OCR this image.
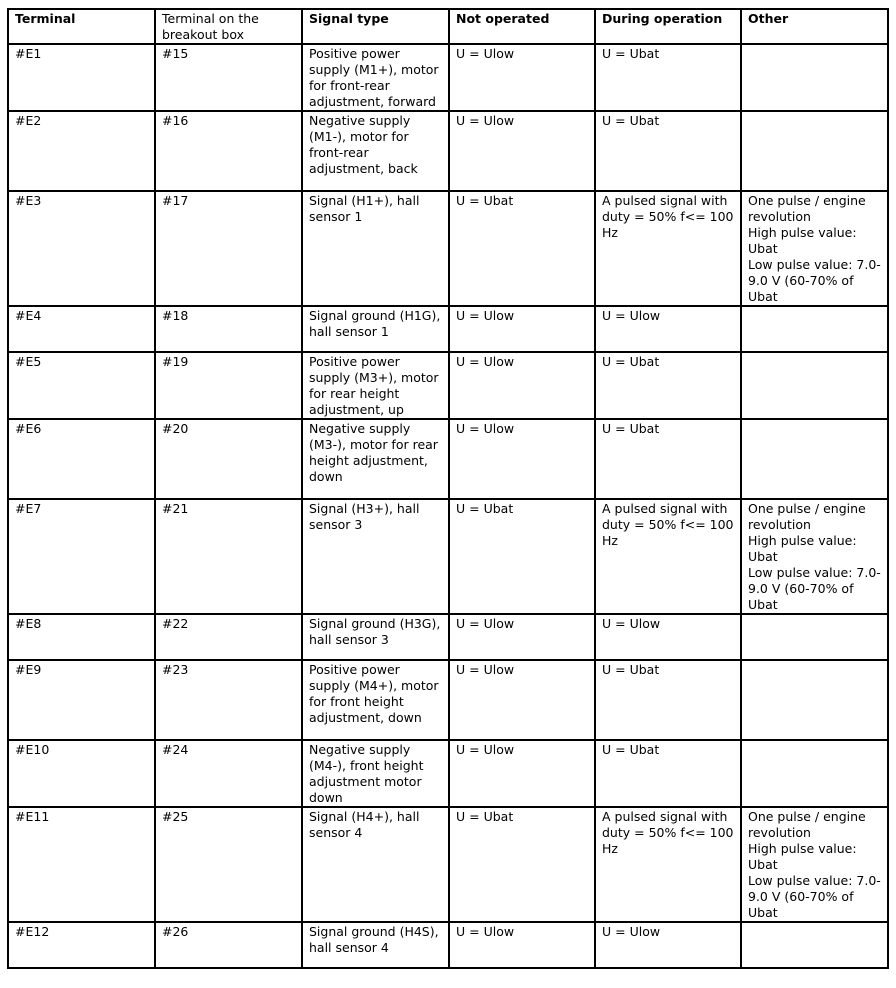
Terminal	Terminal on the breakout box	Signal type	Not operated	During operation	Other
#E1	#15	Positive power supply (M1+), motor for front-rear adjustment, forward	U = Ulow	U = Ubat	
#E2	#16	Negative supply (M1-), motor for front-rear adjustment, back	U = Ulow	U = Ubat	
#E3	#17	Signal (H1+), hall sensor 1	U = Ubat	A pulsed signal with duty = 50% f<= 100 Hz	One pulse / engine revolution
High pulse value: Ubat
Low pulse value: 7.0-9.0 V (60-70% of Ubat
#E4	#18	Signal ground (H1G), hall sensor 1	U = Ulow	U = Ulow	
#E5	#19	Positive power supply (M3+), motor for rear height adjustment, up	U = Ulow	U = Ubat	
#E6	#20	Negative supply (M3-), motor for rear height adjustment, down	U = Ulow	U = Ubat	
#E7	#21	Signal (H3+), hall sensor 3	U = Ubat	A pulsed signal with duty = 50% f<= 100 Hz	One pulse / engine revolution
High pulse value: Ubat
Low pulse value: 7.0-9.0 V (60-70% of Ubat
#E8	#22	Signal ground (H3G), hall sensor 3	U = Ulow	U = Ulow	
#E9	#23	Positive power supply (M4+), motor for front height adjustment, down	U = Ulow	U = Ubat	
#E10	#24	Negative supply (M4-), front height adjustment motor down	U = Ulow	U = Ubat	
#E11	#25	Signal (H4+), hall sensor 4	U = Ubat	A pulsed signal with duty = 50% f<= 100 Hz	One pulse / engine revolution
High pulse value: Ubat
Low pulse value: 7.0-9.0 V (60-70% of Ubat
#E12	#26	Signal ground (H4S), hall sensor 4	U = Ulow	U = Ulow	
